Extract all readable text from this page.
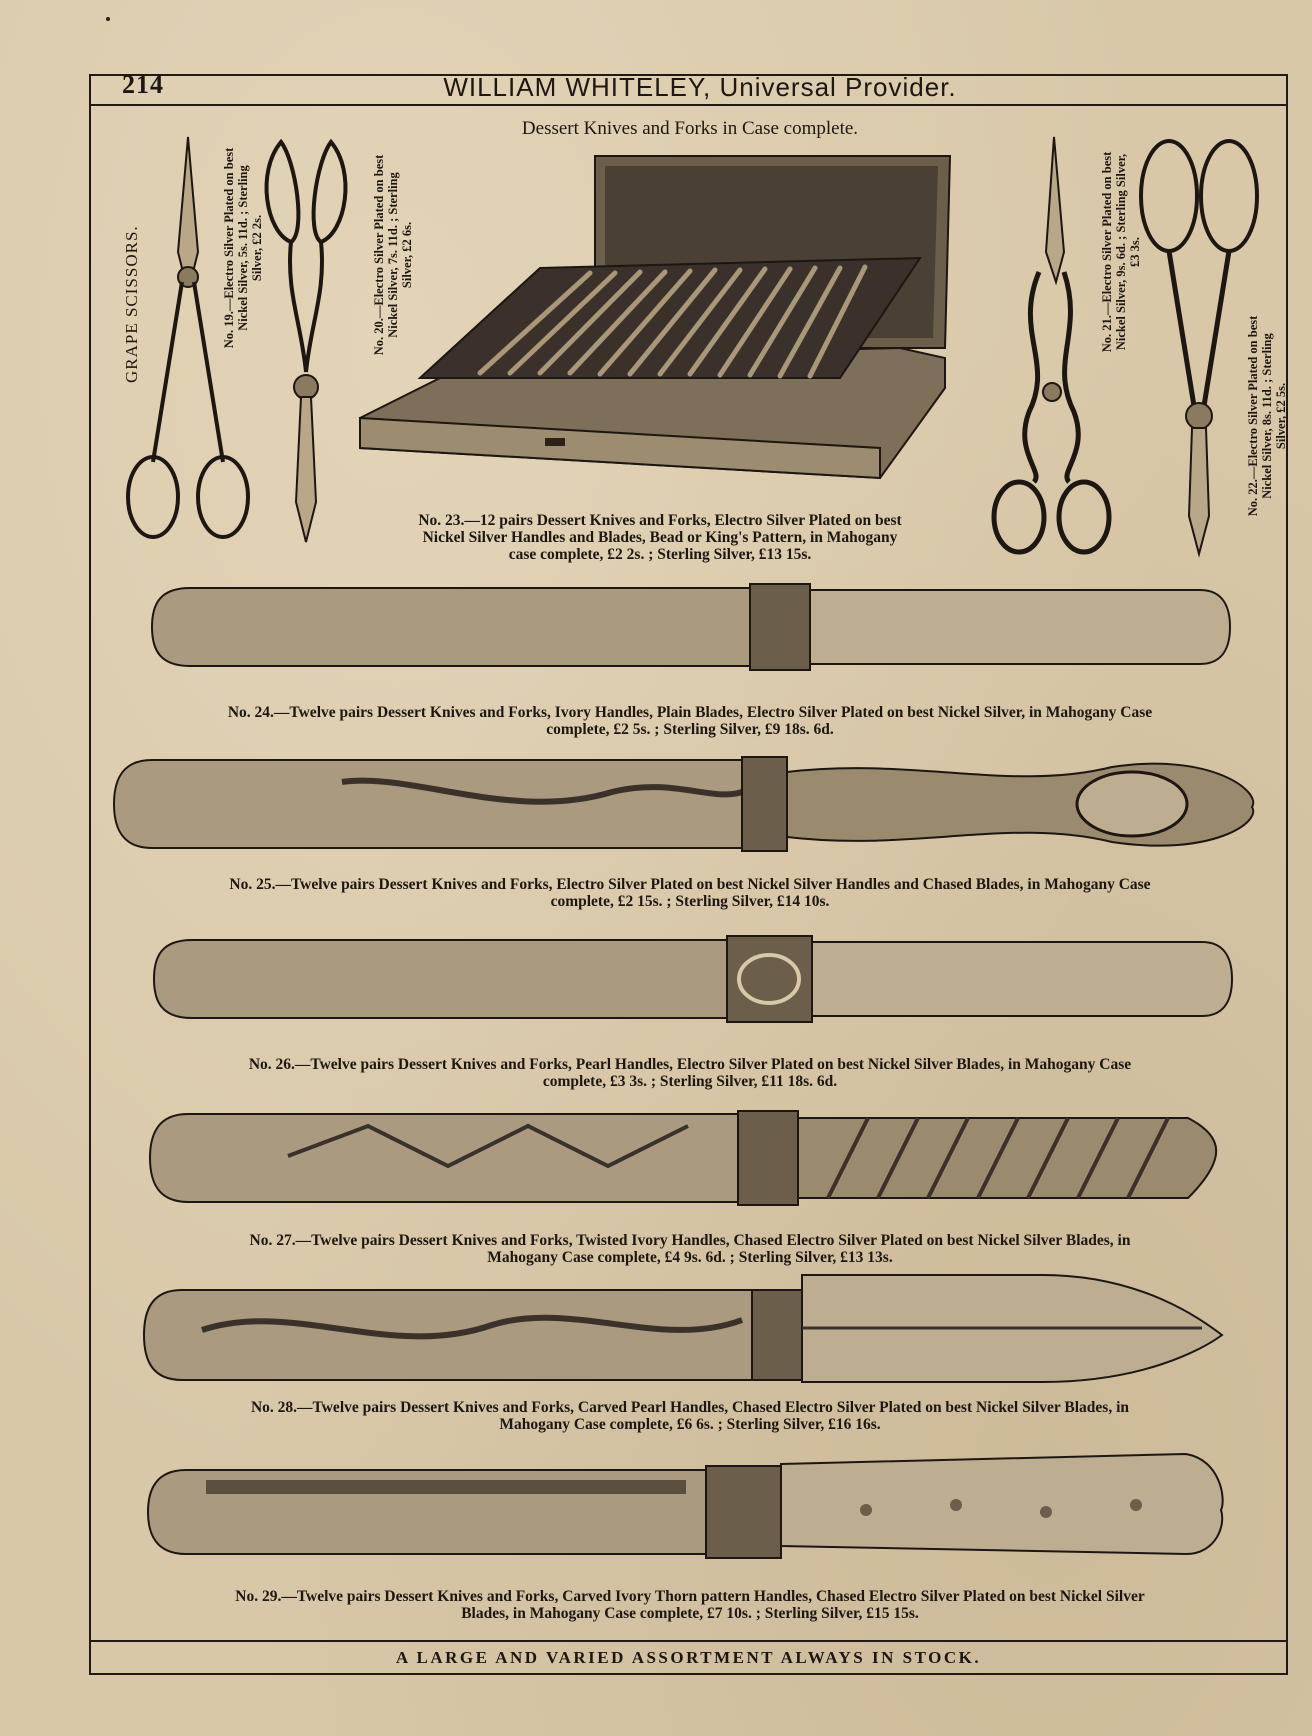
214	WILLIAM WHITELEY, Universal Provider.
GRAPE SCISSORS.	No. 19.—Electro Silver Plated on best
Nickel Silver, 5s. 11d. ; Sterling
Silver, £2 2s.
No. 20.—Electro Silver Plated on best
Nickel Silver, 7s. 11d. ; Sterling
Silver, £2 6s.
Dessert Knives and Forks in Case complete.
No. 23.—12 pairs Dessert Knives and Forks, Electro Silver Plated on best
Nickel Silver Handles and Blades, Bead or King's Pattern, in Mahogany
case complete, £2 2s. ; Sterling Silver, £13 15s.
No. 21.—Electro Silver Plated on best
Nickel Silver, 9s. 6d. ; Sterling Silver,
£3 3s.
No. 22.—Electro Silver Plated on best
Nickel Silver, 8s. 11d. ; Sterling
Silver, £2 5s.
No. 24.—Twelve pairs Dessert Knives and Forks, Ivory Handles, Plain Blades, Electro Silver Plated on best Nickel Silver, in Mahogany Case
complete, £2 5s. ; Sterling Silver, £9 18s. 6d.
No. 25.—Twelve pairs Dessert Knives and Forks, Electro Silver Plated on best Nickel Silver Handles and Chased Blades, in Mahogany Case
complete, £2 15s. ; Sterling Silver, £14 10s.
No. 26.—Twelve pairs Dessert Knives and Forks, Pearl Handles, Electro Silver Plated on best Nickel Silver Blades, in Mahogany Case
complete, £3 3s. ; Sterling Silver, £11 18s. 6d.
No. 27.—Twelve pairs Dessert Knives and Forks, Twisted Ivory Handles, Chased Electro Silver Plated on best Nickel Silver Blades, in
Mahogany Case complete, £4 9s. 6d. ; Sterling Silver, £13 13s.
No. 28.—Twelve pairs Dessert Knives and Forks, Carved Pearl Handles, Chased Electro Silver Plated on best Nickel Silver Blades, in
Mahogany Case complete, £6 6s. ; Sterling Silver, £16 16s.
No. 29.—Twelve pairs Dessert Knives and Forks, Carved Ivory Thorn pattern Handles, Chased Electro Silver Plated on best Nickel Silver
Blades, in Mahogany Case complete, £7 10s. ; Sterling Silver, £15 15s.
A LARGE AND VARIED ASSORTMENT ALWAYS IN STOCK.
